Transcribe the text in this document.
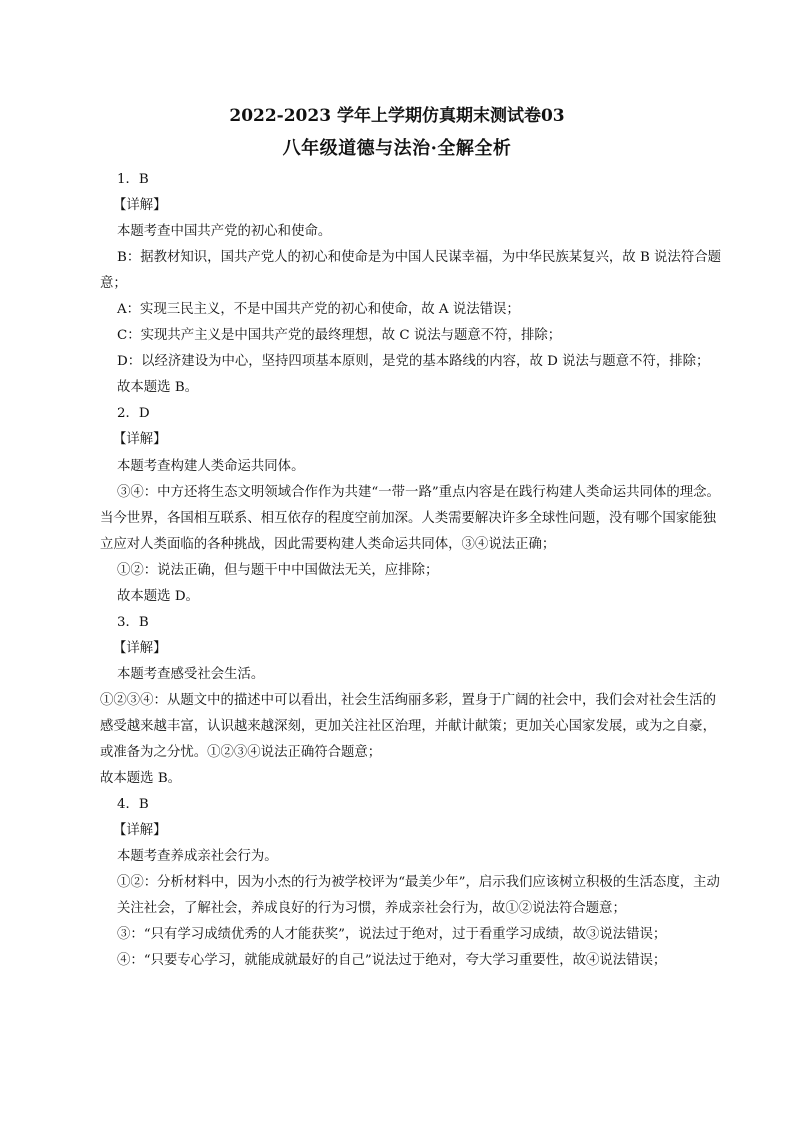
2022-2023 学年上学期仿真期末测试卷03
八年级道德与法治·全解全析
1．B
【详解】
本题考查中国共产党的初心和使命。
B：据教材知识，国共产党人的初心和使命是为中国人民谋幸福，为中华民族某复兴，故 B 说法符合题
意；
A：实现三民主义，不是中国共产党的初心和使命，故 A 说法错误；
C：实现共产主义是中国共产党的最终理想，故 C 说法与题意不符，排除；
D：以经济建设为中心，坚持四项基本原则，是党的基本路线的内容，故 D 说法与题意不符，排除；
故本题选 B。
2．D
【详解】
本题考查构建人类命运共同体。
③④：中方还将生态文明领域合作作为共建“一带一路”重点内容是在践行构建人类命运共同体的理念。
当今世界，各国相互联系、相互依存的程度空前加深。人类需要解决许多全球性问题，没有哪个国家能独
立应对人类面临的各种挑战，因此需要构建人类命运共同体，③④说法正确；
①②：说法正确，但与题干中中国做法无关，应排除；
故本题选 D。
3．B
【详解】
本题考查感受社会生活。
①②③④：从题文中的描述中可以看出，社会生活绚丽多彩，置身于广阔的社会中，我们会对社会生活的
感受越来越丰富，认识越来越深刻，更加关注社区治理，并献计献策；更加关心国家发展，或为之自豪，
或准备为之分忧。①②③④说法正确符合题意；
故本题选 B。
4．B
【详解】
本题考查养成亲社会行为。
①②：分析材料中，因为小杰的行为被学校评为“最美少年”，启示我们应该树立积极的生活态度，主动
关注社会，了解社会，养成良好的行为习惯，养成亲社会行为，故①②说法符合题意；
③：“只有学习成绩优秀的人才能获奖”，说法过于绝对，过于看重学习成绩，故③说法错误；
④：“只要专心学习，就能成就最好的自己”说法过于绝对，夸大学习重要性，故④说法错误；
